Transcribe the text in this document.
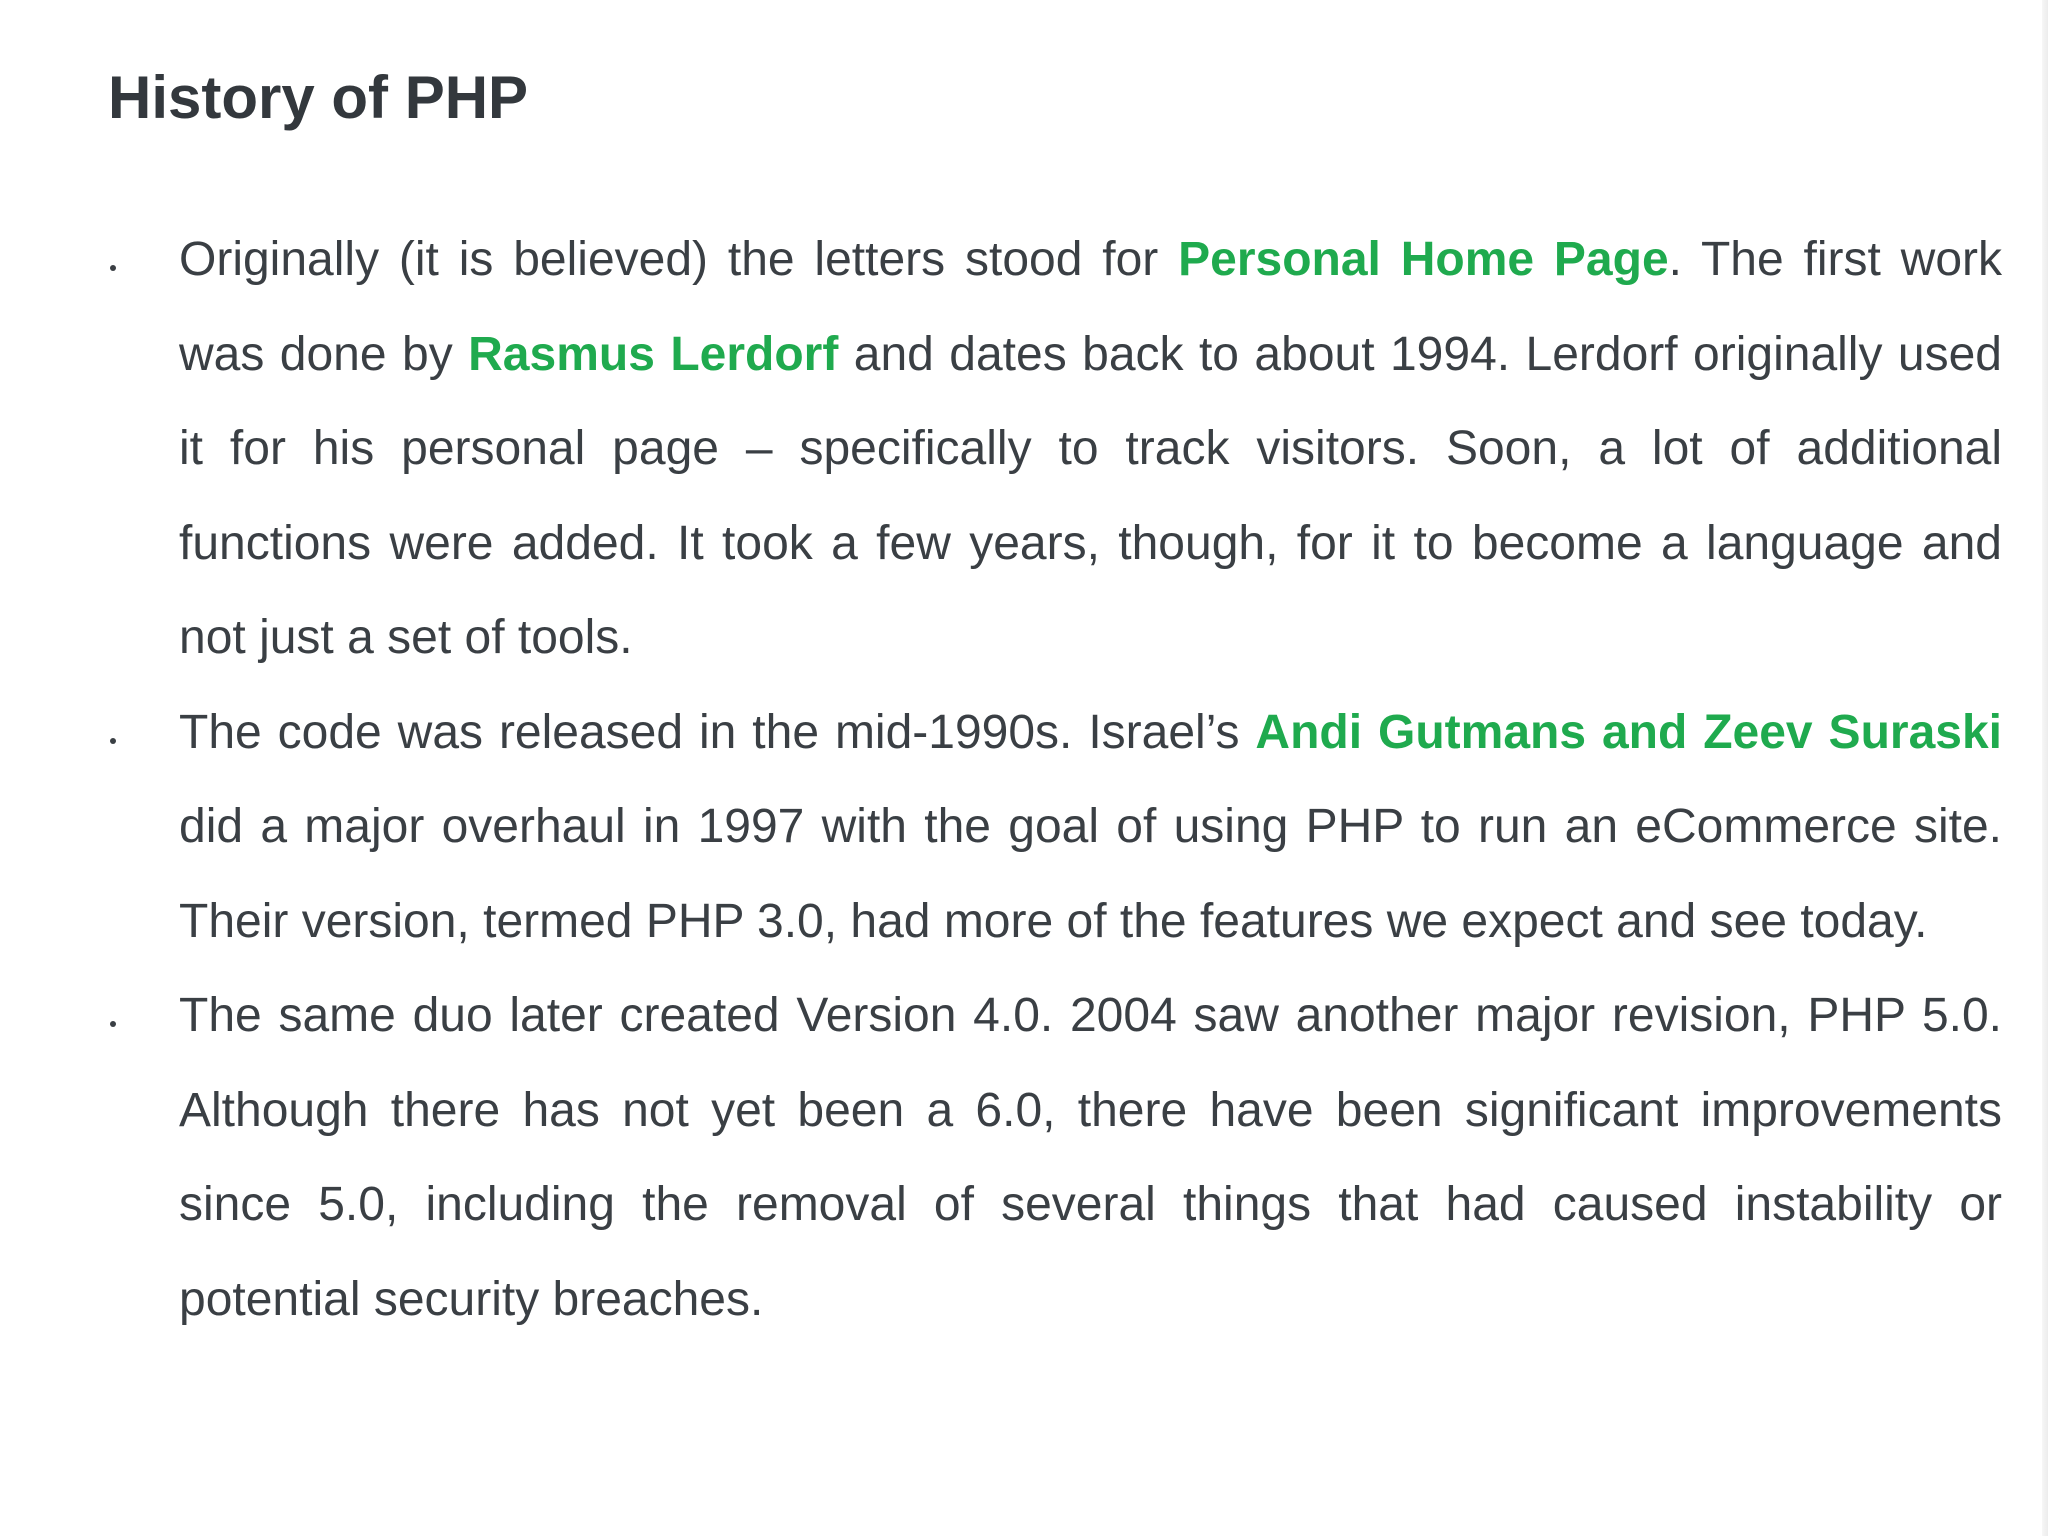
History of PHP
Originally (it is believed) the letters stood for Personal Home Page. The first work was done by Rasmus Lerdorf and dates back to about 1994. Lerdorf originally used it for his personal page – specifically to track visitors. Soon, a lot of additional functions were added. It took a few years, though, for it to become a language and not just a set of tools.
The code was released in the mid-1990s. Israel’s Andi Gutmans and Zeev Suraski did a major overhaul in 1997 with the goal of using PHP to run an eCommerce site. Their version, termed PHP 3.0, had more of the features we expect and see today.
The same duo later created Version 4.0. 2004 saw another major revision, PHP 5.0. Although there has not yet been a 6.0, there have been significant improvements since 5.0, including the removal of several things that had caused instability or potential security breaches.
